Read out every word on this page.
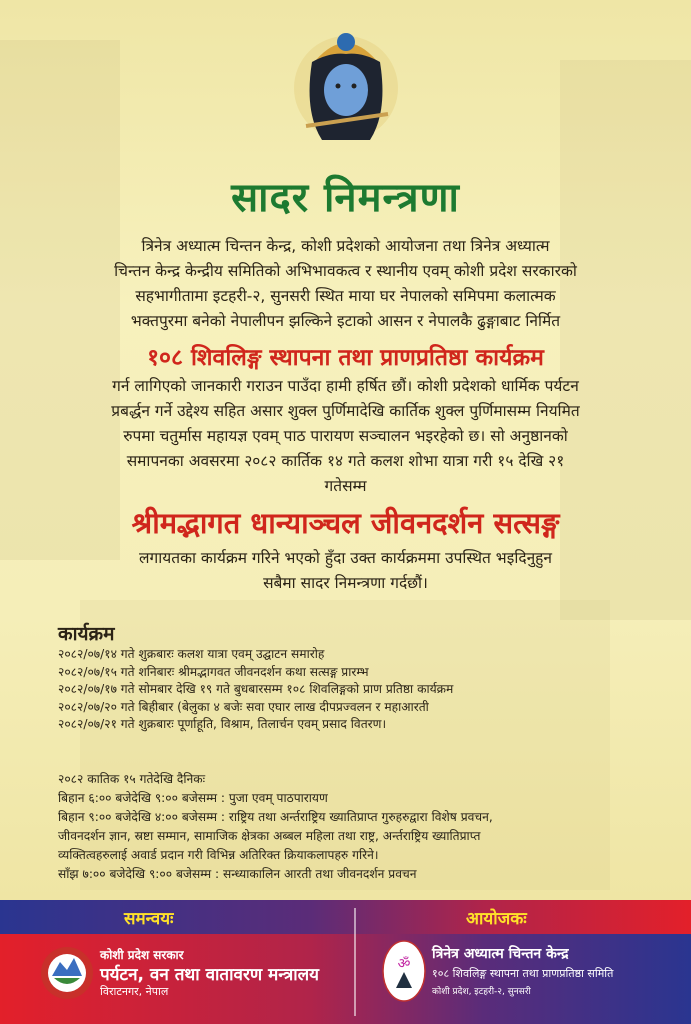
सादर निमन्त्रणा
त्रिनेत्र अध्यात्म चिन्तन केन्द्र, कोशी प्रदेशको आयोजना तथा त्रिनेत्र अध्यात्म
चिन्तन केन्द्र केन्द्रीय समितिको अभिभावकत्व र स्थानीय एवम् कोशी प्रदेश सरकारको
सहभागीतामा इटहरी-२, सुनसरी स्थित माया घर नेपालको समिपमा कलात्मक
भक्तपुरमा बनेको नेपालीपन झल्किने इटाको आसन र नेपालकै ढुङ्गाबाट निर्मित
१०८ शिवलिङ्ग स्थापना तथा प्राणप्रतिष्ठा कार्यक्रम
गर्न लागिएको जानकारी गराउन पाउँदा हामी हर्षित छौं। कोशी प्रदेशको धार्मिक पर्यटन
प्रबर्द्धन गर्ने उद्देश्य सहित असार शुक्ल पुर्णिमादेखि कार्तिक शुक्ल पुर्णिमासम्म नियमित
रुपमा चतुर्मास महायज्ञ एवम् पाठ पारायण सञ्चालन भइरहेको छ। सो अनुष्ठानको
समापनका अवसरमा २०८२ कार्तिक १४ गते कलश शोभा यात्रा गरी १५ देखि २१
गतेसम्म
श्रीमद्भागत धान्याञ्चल जीवनदर्शन सत्सङ्ग
लगायतका कार्यक्रम गरिने भएको हुँदा उक्त कार्यक्रममा उपस्थित भइदिनुहुन
सबैमा सादर निमन्त्रणा गर्दछौं।
कार्यक्रम
२०८२/०७/१४ गते शुक्रबारः कलश यात्रा एवम् उद्घाटन समारोह
२०८२/०७/१५ गते शनिबारः श्रीमद्भागवत जीवनदर्शन कथा सत्सङ्ग प्रारम्भ
२०८२/०७/१७ गते सोमबार देखि १९ गते बुधबारसम्म १०८ शिवलिङ्गको प्राण प्रतिष्ठा कार्यक्रम
२०८२/०७/२० गते बिहीबार (बेलुका ४ बजेः सवा एघार लाख दीपप्रज्वलन र महाआरती
२०८२/०७/२१ गते शुक्रबारः पूर्णाहूति, विश्राम, तिलार्चन एवम् प्रसाद वितरण।
२०८२ कातिक १५ गतेदेखि दैनिकः
बिहान ६:०० बजेदेखि ९:०० बजेसम्म : पुजा एवम् पाठपारायण
बिहान ९:०० बजेदेखि ४:०० बजेसम्म : राष्ट्रिय तथा अर्न्तराष्ट्रिय ख्यातिप्राप्त गुरुहरुद्वारा विशेष प्रवचन,
जीवनदर्शन ज्ञान, स्रष्टा सम्मान, सामाजिक क्षेत्रका अब्बल महिला तथा राष्ट्र, अर्न्तराष्ट्रिय ख्यातिप्राप्त
व्यक्तित्वहरुलाई अवार्ड प्रदान गरी विभिन्न अतिरिक्त क्रियाकलापहरु गरिने।
साँझ ७:०० बजेदेखि ९:०० बजेसम्म : सन्ध्याकालिन आरती तथा जीवनदर्शन प्रवचन
समन्वयः	आयोजकः
कोशी प्रदेश सरकार
पर्यटन, वन तथा वातावरण मन्त्रालय
विराटनगर, नेपाल
ॐ
त्रिनेत्र अध्यात्म चिन्तन केन्द्र
१०८ शिवलिङ्ग स्थापना तथा प्राणप्रतिष्ठा समिति
कोशी प्रदेश, इटहरी-२, सुनसरी
